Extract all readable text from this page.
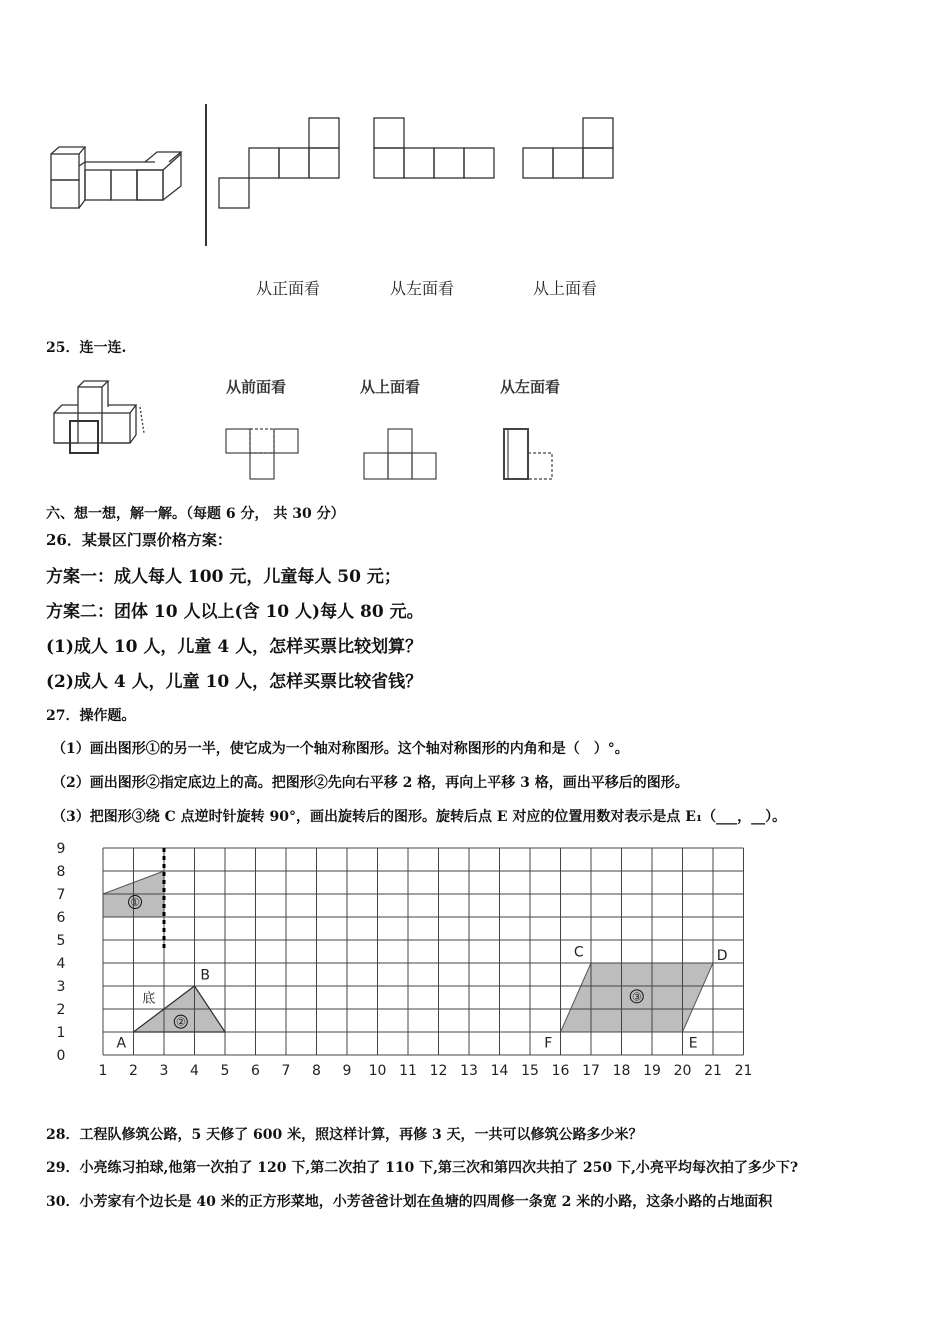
从正面看	从左面看	从上面看
25．连一连.
从前面看	从上面看	从左面看
六、想一想，解一解。（每题 6 分， 共 30 分）
26．某景区门票价格方案：
方案一：成人每人 100 元，儿童每人 50 元；
方案二：团体 10 人以上(含 10 人)每人 80 元。
(1)成人 10 人，儿童 4 人，怎样买票比较划算？
(2)成人 4 人，儿童 10 人，怎样买票比较省钱？
27．操作题。
（1）画出图形①的另一半，使它成为一个轴对称图形。这个轴对称图形的内角和是（　）°。
（2）画出图形②指定底边上的高。把图形②先向右平移 2 格，再向上平移 3 格，画出平移后的图形。
（3）把图形③绕 C 点逆时针旋转 90°，画出旋转后的图形。旋转后点 E 对应的位置用数对表示是点 E₁（___，__）。
①
②
③
底
A
B
C	D
E
F
1 2 3 4 5 6 7 8 9 10 11 12 13 14 15 16 17 18 19 20 21 21
0
1
2
3
4
5
6
7
8
9
28．工程队修筑公路，5 天修了 600 米，照这样计算，再修 3 天，一共可以修筑公路多少米？
29．小亮练习拍球,他第一次拍了 120 下,第二次拍了 110 下,第三次和第四次共拍了 250 下,小亮平均每次拍了多少下?
30．小芳家有个边长是 40 米的正方形菜地，小芳爸爸计划在鱼塘的四周修一条宽 2 米的小路，这条小路的占地面积
